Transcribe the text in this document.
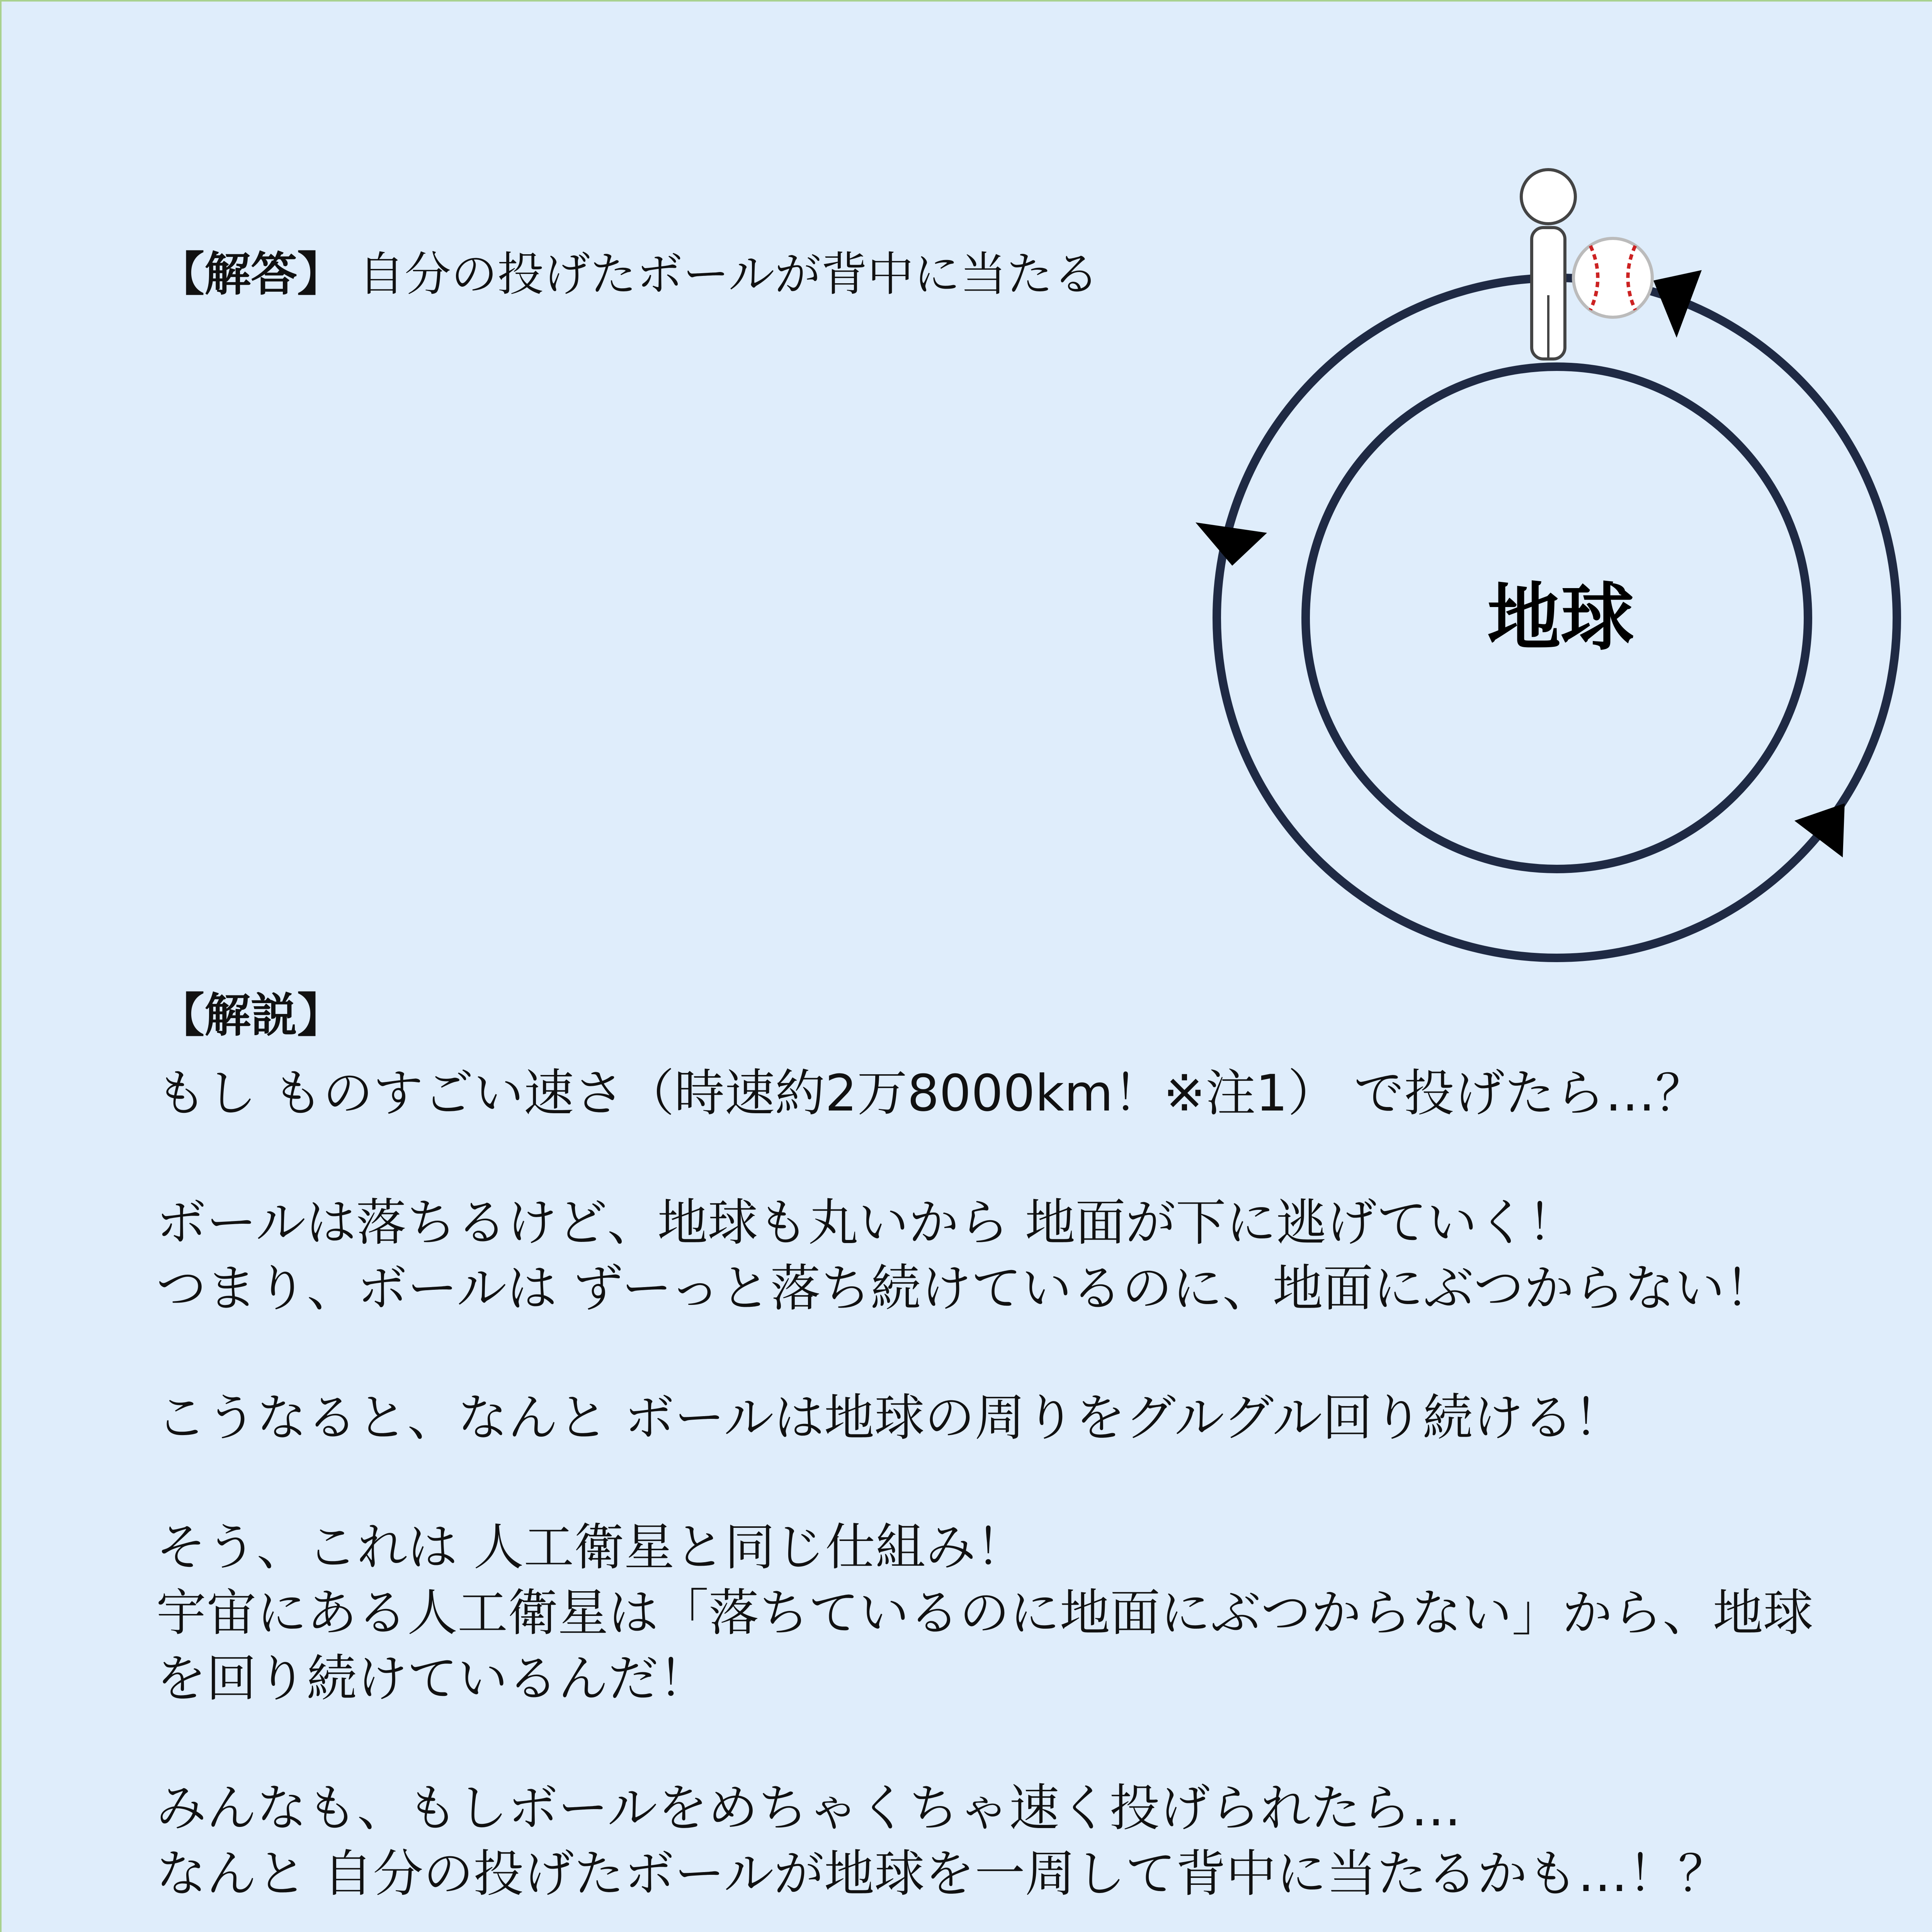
【解答】 自分の投げたボールが背中に当たる
地球
【解説】

もし ものすごい速さ（時速約2万8000km！※注1） で投げたら…？

ボールは落ちるけど、地球も丸いから 地面が下に逃げていく！
つまり、ボールは ずーっと落ち続けているのに、地面にぶつからない！

こうなると、なんと ボールは地球の周りをグルグル回り続ける！

そう、これは 人工衛星と同じ仕組み！
宇宙にある人工衛星は「落ちているのに地面にぶつからない」から、地球
を回り続けているんだ！

みんなも、もしボールをめちゃくちゃ速く投げられたら…
なんと 自分の投げたボールが地球を一周して背中に当たるかも…！？
